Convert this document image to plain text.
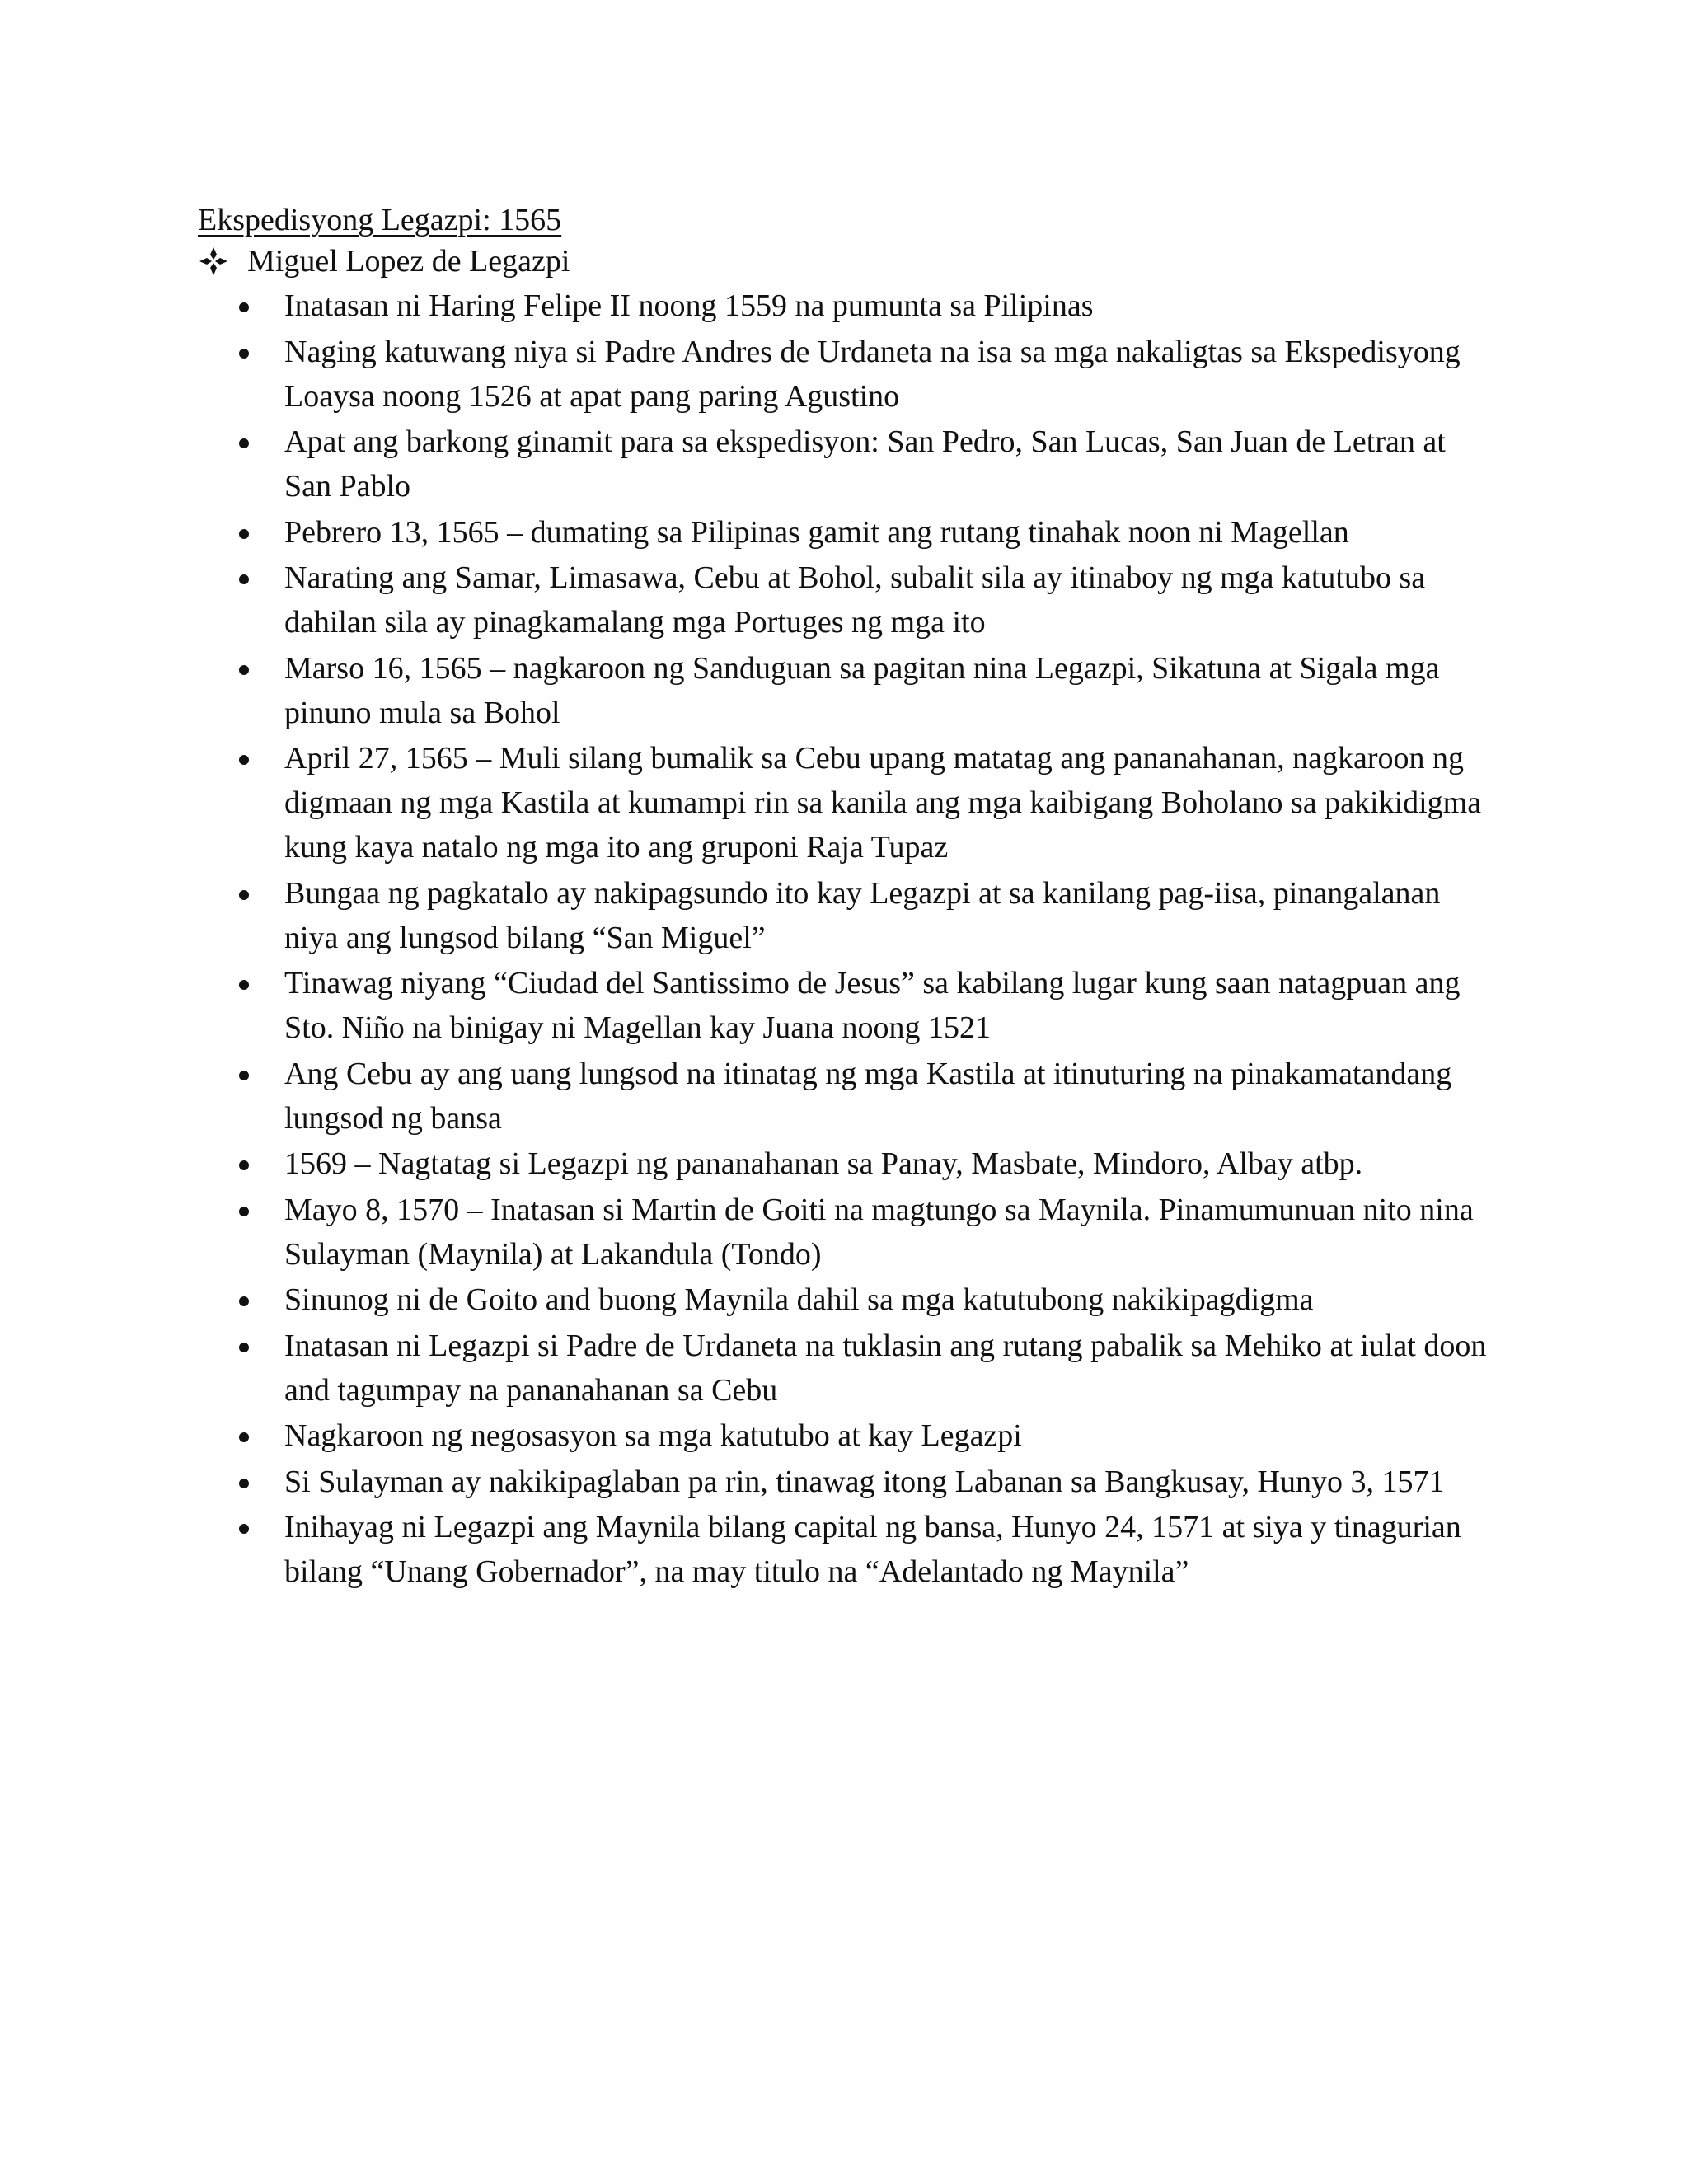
Ekspedisyong Legazpi: 1565
Miguel Lopez de Legazpi
Inatasan ni Haring Felipe II noong 1559 na pumunta sa Pilipinas
Naging katuwang niya si Padre Andres de Urdaneta na isa sa mga nakaligtas sa Ekspedisyong Loaysa noong 1526 at apat pang paring Agustino
Apat ang barkong ginamit para sa ekspedisyon: San Pedro, San Lucas, San Juan de Letran at San Pablo
Pebrero 13, 1565 – dumating sa Pilipinas gamit ang rutang tinahak noon ni Magellan
Narating ang Samar, Limasawa, Cebu at Bohol, subalit sila ay itinaboy ng mga katutubo sa dahilan sila ay pinagkamalang mga Portuges ng mga ito
Marso 16, 1565 – nagkaroon ng Sanduguan sa pagitan nina Legazpi, Sikatuna at Sigala mga pinuno mula sa Bohol
April 27, 1565 – Muli silang bumalik sa Cebu upang matatag ang pananahanan, nagkaroon ng digmaan ng mga Kastila at kumampi rin sa kanila ang mga kaibigang Boholano sa pakikidigma kung kaya natalo ng mga ito ang gruponi Raja Tupaz
Bungaa ng pagkatalo ay nakipagsundo ito kay Legazpi at sa kanilang pag-iisa, pinangalanan niya ang lungsod bilang “San Miguel”
Tinawag niyang “Ciudad del Santissimo de Jesus” sa kabilang lugar kung saan natagpuan ang Sto. Niño na binigay ni Magellan kay Juana noong 1521
Ang Cebu ay ang uang lungsod na itinatag ng mga Kastila at itinuturing na pinakamatandang lungsod ng bansa
1569 – Nagtatag si Legazpi ng pananahanan sa Panay, Masbate, Mindoro, Albay atbp.
Mayo 8, 1570 – Inatasan si Martin de Goiti na magtungo sa Maynila. Pinamumunuan nito nina Sulayman (Maynila) at Lakandula (Tondo)
Sinunog ni de Goito and buong Maynila dahil sa mga katutubong nakikipagdigma
Inatasan ni Legazpi si Padre de Urdaneta na tuklasin ang rutang pabalik sa Mehiko at iulat doon and tagumpay na pananahanan sa Cebu
Nagkaroon ng negosasyon sa mga katutubo at kay Legazpi
Si Sulayman ay nakikipaglaban pa rin, tinawag itong Labanan sa Bangkusay, Hunyo 3, 1571
Inihayag ni Legazpi ang Maynila bilang capital ng bansa, Hunyo 24, 1571 at siya y tinagurian bilang “Unang Gobernador”, na may titulo na “Adelantado ng Maynila”
